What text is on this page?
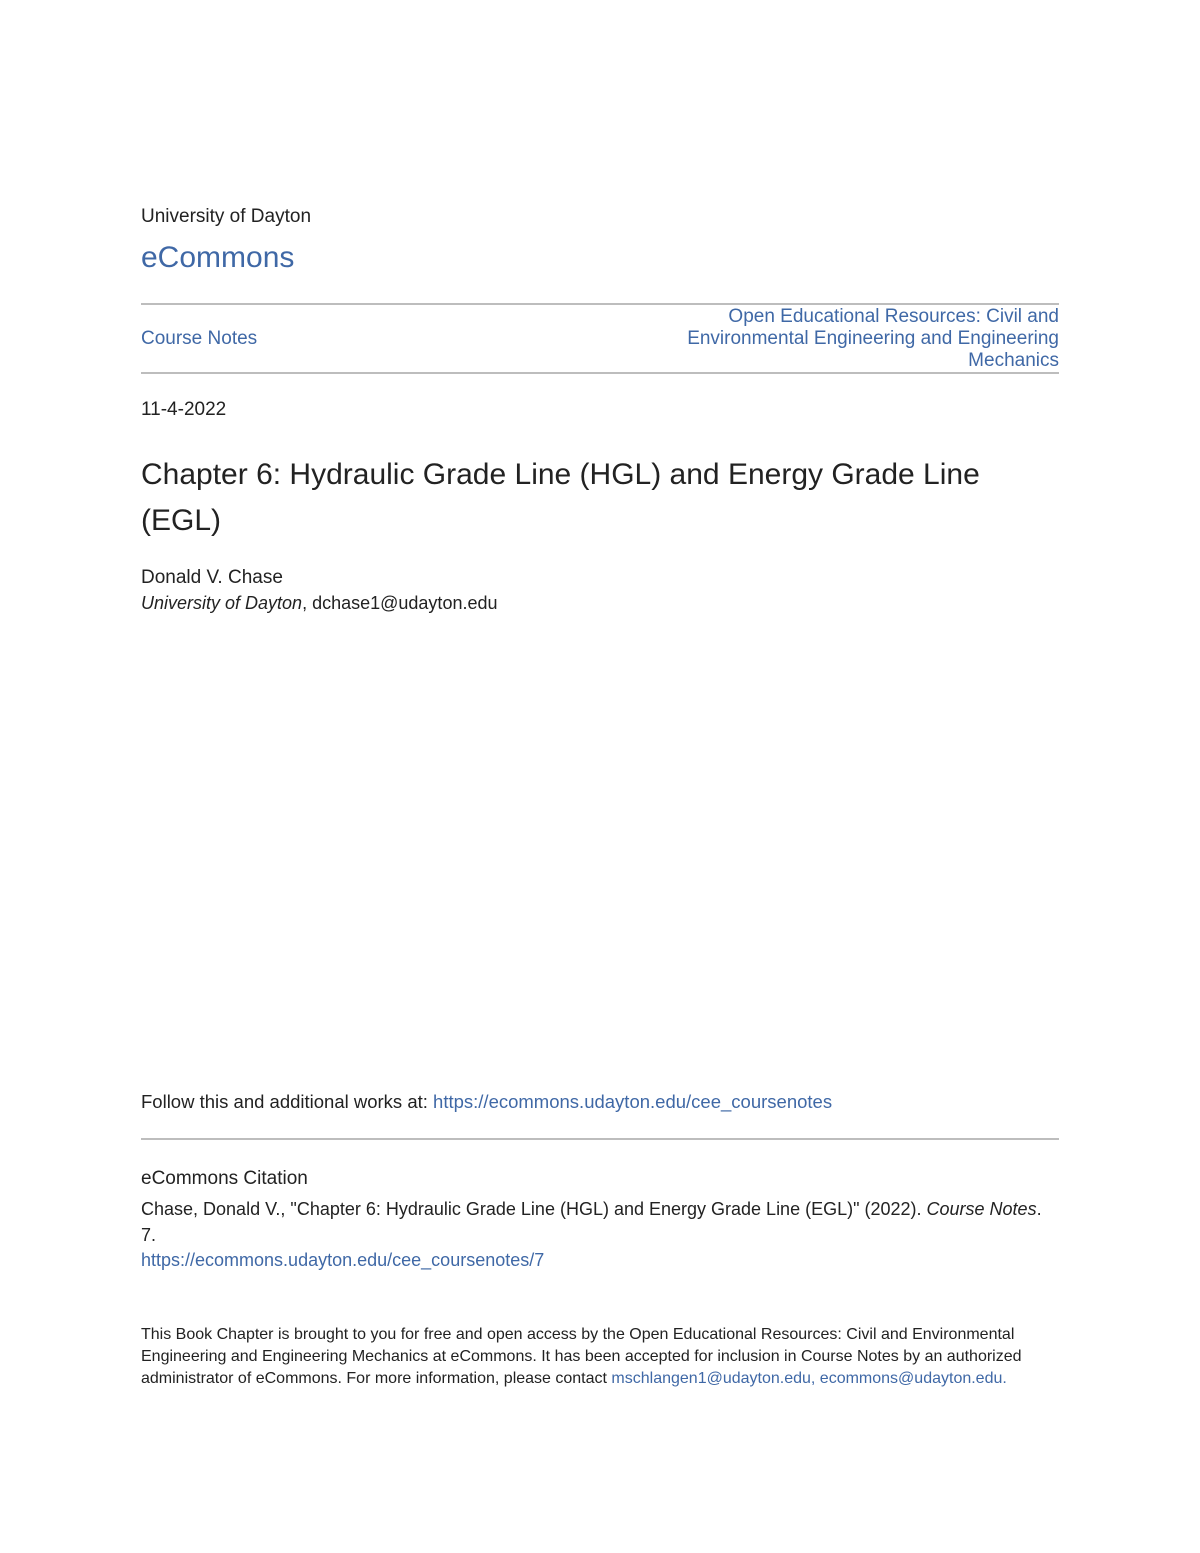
University of Dayton
eCommons
Course Notes
Open Educational Resources: Civil and Environmental Engineering and Engineering Mechanics
11-4-2022
Chapter 6: Hydraulic Grade Line (HGL) and Energy Grade Line (EGL)
Donald V. Chase
University of Dayton, dchase1@udayton.edu
Follow this and additional works at: https://ecommons.udayton.edu/cee_coursenotes
eCommons Citation
Chase, Donald V., "Chapter 6: Hydraulic Grade Line (HGL) and Energy Grade Line (EGL)" (2022). Course Notes. 7.
https://ecommons.udayton.edu/cee_coursenotes/7
This Book Chapter is brought to you for free and open access by the Open Educational Resources: Civil and Environmental Engineering and Engineering Mechanics at eCommons. It has been accepted for inclusion in Course Notes by an authorized administrator of eCommons. For more information, please contact mschlangen1@udayton.edu, ecommons@udayton.edu.
